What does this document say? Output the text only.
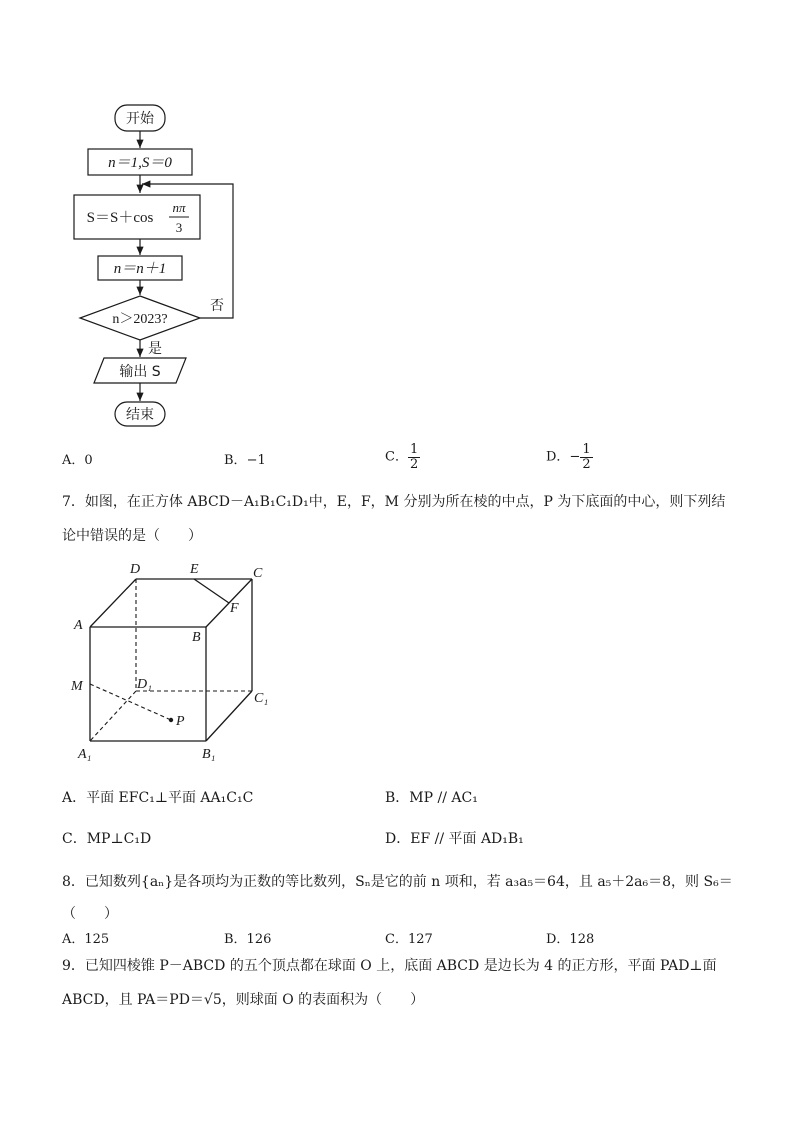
开始
n＝1,S＝0
S＝S＋cos
nπ
3
n＝n＋1
n＞2023?
否
是
输出 S
结束
A．0	B．−1	C． $\frac{1}{2}$	D．− $\frac{1}{2}$
7．如图，在正方体 ABCD－A₁B₁C₁D₁中，E，F，M 分别为所在棱的中点，P 为下底面的中心，则下列结
论中错误的是（　　）
D	E	C
F
A
B
M	D₁
C₁
P
A₁	B₁
A．平面 EFC₁⊥平面 AA₁C₁C	B．MP // AC₁
C．MP⊥C₁D	D．EF // 平面 AD₁B₁
8．已知数列{aₙ}是各项均为正数的等比数列，Sₙ是它的前 n 项和，若 a₃a₅＝64，且 a₅＋2a₆＝8，则 S₆＝
（　　）
A．125	B．126	C．127	D．128
9．已知四棱锥 P－ABCD 的五个顶点都在球面 O 上，底面 ABCD 是边长为 4 的正方形，平面 PAD⊥面
ABCD，且 PA＝PD＝√5，则球面 O 的表面积为（　　）
